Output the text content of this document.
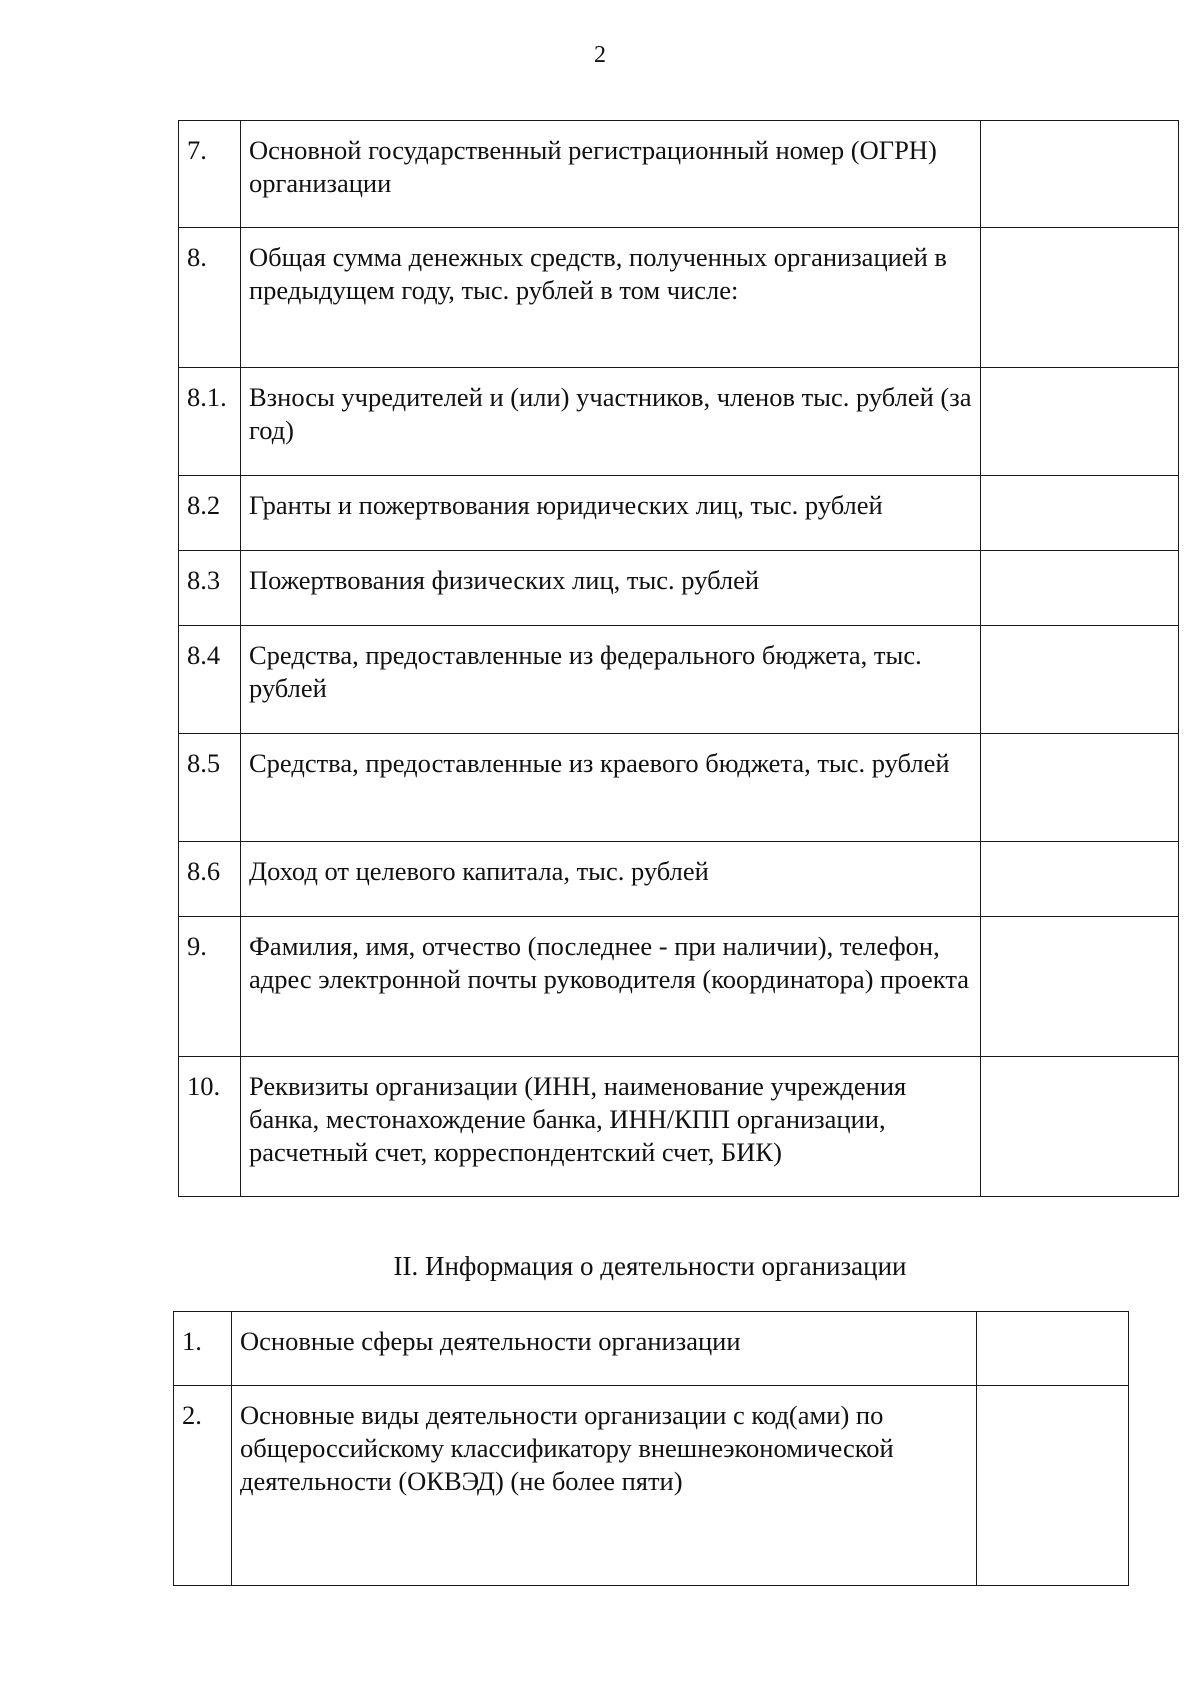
2
7.	Основной государственный регистрационный номер (ОГРН) организации	
8.	Общая сумма денежных средств, полученных организацией в предыдущем году, тыс. рублей в том числе:	
8.1.	Взносы учредителей и (или) участников, членов тыс. рублей (за год)	
8.2	Гранты и пожертвования юридических лиц, тыс. рублей	
8.3	Пожертвования физических лиц, тыс. рублей	
8.4	Средства, предоставленные из федерального бюджета, тыс. рублей	
8.5	Средства, предоставленные из краевого бюджета, тыс. рублей	
8.6	Доход от целевого капитала, тыс. рублей	
9.	Фамилия, имя, отчество (последнее - при наличии), телефон, адрес электронной почты руководителя (координатора) проекта	
10.	Реквизиты организации (ИНН, наименование учреждения банка, местонахождение банка, ИНН/КПП организации, расчетный счет, корреспондентский счет, БИК)	
II. Информация о деятельности организации
1.	Основные сферы деятельности организации	
2.	Основные виды деятельности организации с код(ами) по общероссийскому классификатору внешнеэкономической деятельности (ОКВЭД) (не более пяти)	
